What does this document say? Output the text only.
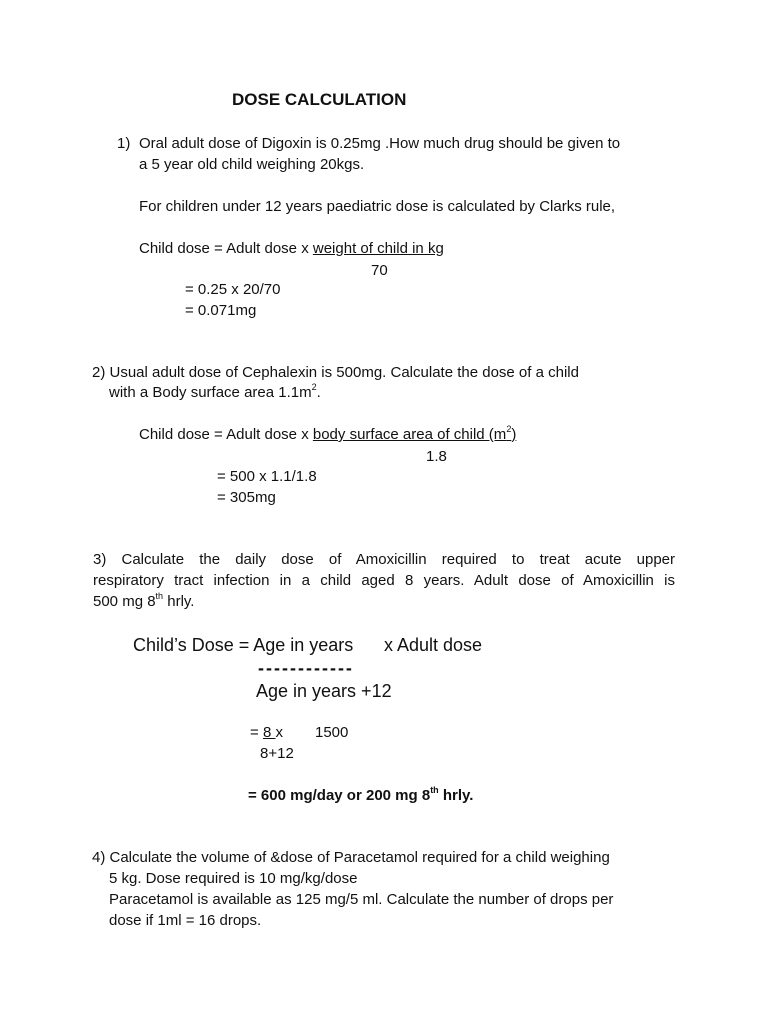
DOSE CALCULATION
1) Oral adult dose of Digoxin is 0.25mg .How much drug should be given to
a 5 year old child weighing 20kgs.
For children under 12 years paediatric dose is calculated by Clarks rule,
Child dose = Adult dose x weight of child in kg
70
= 0.25 x 20/70
= 0.071mg
2) Usual adult dose of Cephalexin is 500mg. Calculate the dose of a child
with a Body surface area $1.1m^2$.
Child dose = Adult dose x body surface area of child $(m^2)$
1.8
= 500 x 1.1/1.8
= 305mg
3) Calculate the daily dose of Amoxicillin required to treat acute upper
respiratory tract infection in a child aged 8 years. Adult dose of Amoxicillin is
500 mg 8th hrly.
Child’s Dose = Age in years x Adult dose
------------
Age in years +12
= 8 x 1500
8+12
= 600 mg/day or 200 mg 8th hrly.
4) Calculate the volume of &dose of Paracetamol required for a child weighing
5 kg. Dose required is 10 mg/kg/dose
Paracetamol is available as 125 mg/5 ml. Calculate the number of drops per
dose if 1ml = 16 drops.
